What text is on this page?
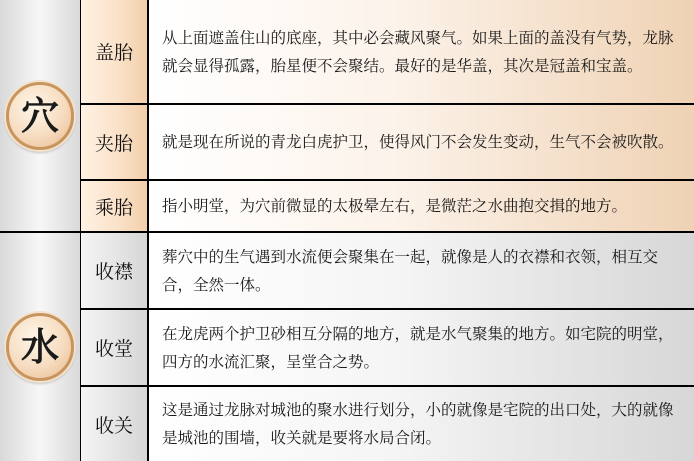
穴
盖胎

从上面遮盖住山的底座，其中必会藏风聚气。如果上面的盖没有气势，龙脉就会显得孤露，胎星便不会聚结。最好的是华盖，其次是冠盖和宝盖。

夹胎	就是现在所说的青龙白虎护卫，使得风门不会发生变动，生气不会被吹散。

乘胎	指小明堂，为穴前微显的太极晕左右，是微茫之水曲抱交揖的地方。

水
收襟

葬穴中的生气遇到水流便会聚集在一起，就像是人的衣襟和衣领，相互交合，全然一体。

收堂

在龙虎两个护卫砂相互分隔的地方，就是水气聚集的地方。如宅院的明堂，四方的水流汇聚，呈堂合之势。

收关

这是通过龙脉对城池的聚水进行划分，小的就像是宅院的出口处，大的就像是城池的围墙，收关就是要将水局合闭。
